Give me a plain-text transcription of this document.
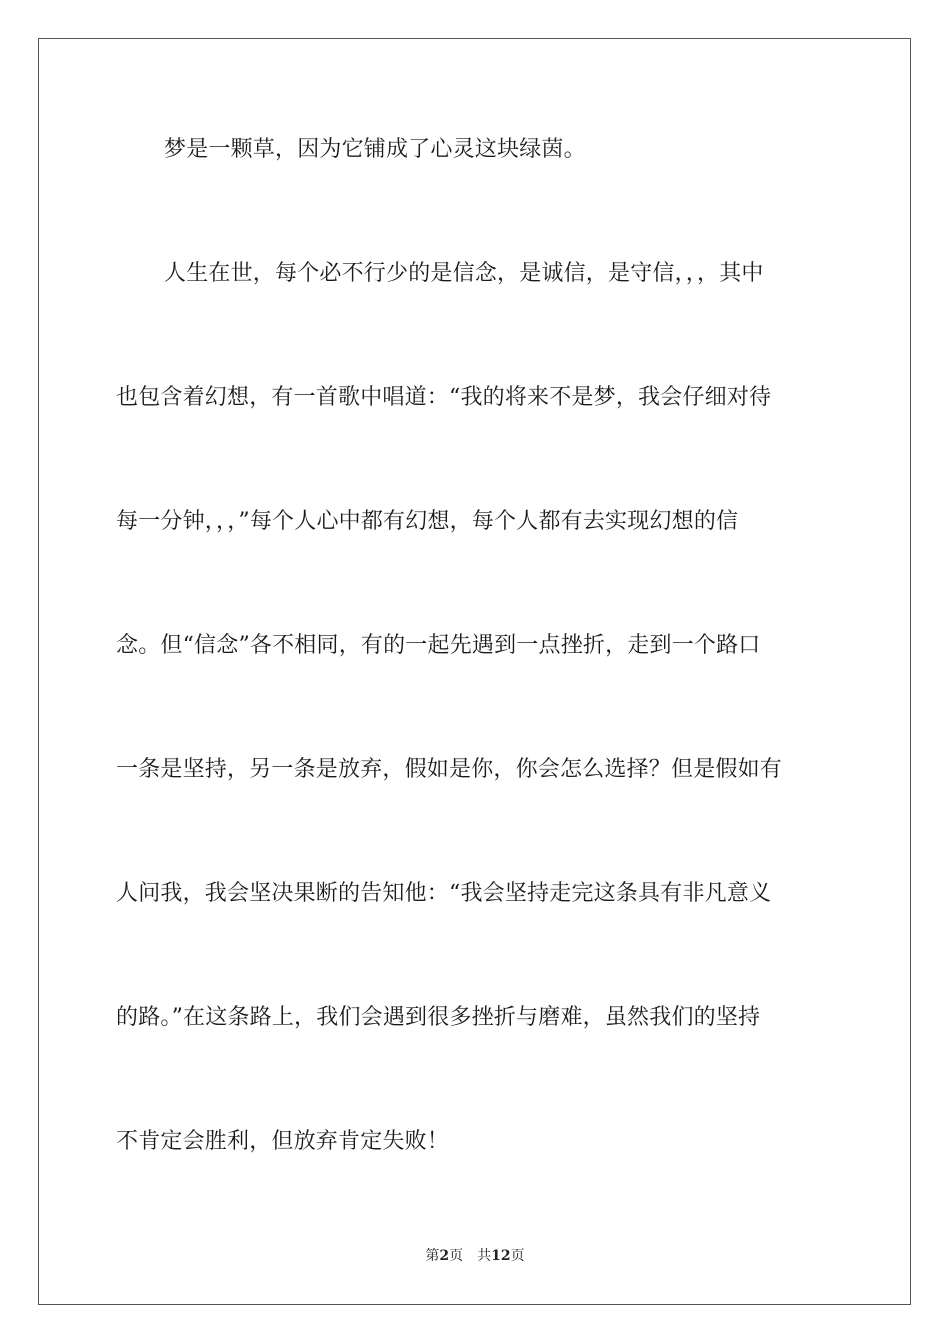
梦是一颗草，因为它铺成了心灵这块绿茵。
人生在世，每个必不行少的是信念，是诚信，是守信，，，其中
也包含着幻想，有一首歌中唱道：“我的将来不是梦，我会仔细对待
每一分钟，，，”每个人心中都有幻想，每个人都有去实现幻想的信
念。但“信念”各不相同，有的一起先遇到一点挫折，走到一个路口
一条是坚持，另一条是放弃，假如是你，你会怎么选择？但是假如有
人问我，我会坚决果断的告知他：“我会坚持走完这条具有非凡意义
的路。”在这条路上，我们会遇到很多挫折与磨难，虽然我们的坚持
不肯定会胜利，但放弃肯定失败！
第2页 共12页
